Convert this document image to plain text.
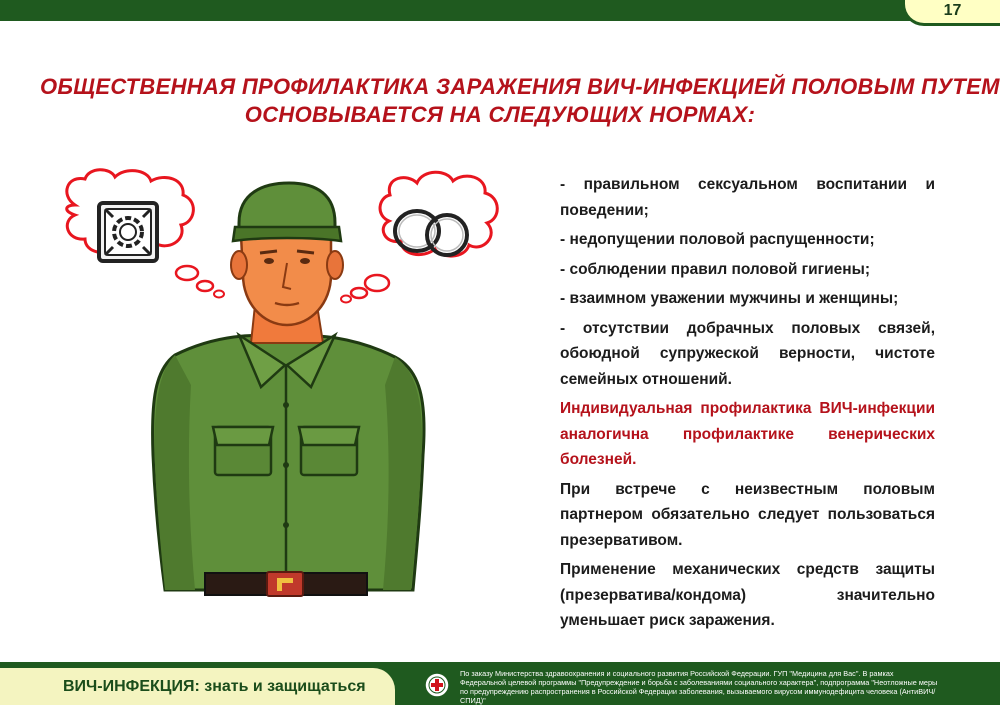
17
ОБЩЕСТВЕННАЯ ПРОФИЛАКТИКА ЗАРАЖЕНИЯ ВИЧ-ИНФЕКЦИЕЙ ПОЛОВЫМ ПУТЕМ
ОСНОВЫВАЕТСЯ НА СЛЕДУЮЩИХ НОРМАХ:

- правильном сексуальном воспитании и поведении;

- недопущении половой распущенности;

- соблюдении правил половой гигиены;

- взаимном уважении мужчины и женщины;

- отсутствии добрачных половых связей, обоюдной супружеской верности, чистоте семейных отношений.

Индивидуальная профилактика ВИЧ-инфекции аналогична профилактике венерических болезней.

При встрече с неизвестным половым партнером обязательно следует пользоваться презервативом.

Применение механических средств защиты (презерватива/кондома) значительно уменьшает риск заражения.

ВИЧ-ИНФЕКЦИЯ: знать и защищаться
По заказу Министерства здравоохранения и социального развития Российской Федерации. ГУП "Медицина для Вас". В рамках Федеральной целевой программы "Предупреждение и борьба с заболеваниями социального характера", подпрограмма "Неотложные меры по предупреждению распространения в Российской Федерации заболевания, вызываемого вирусом иммунодефицита человека (АнтиВИЧ/СПИД)"
